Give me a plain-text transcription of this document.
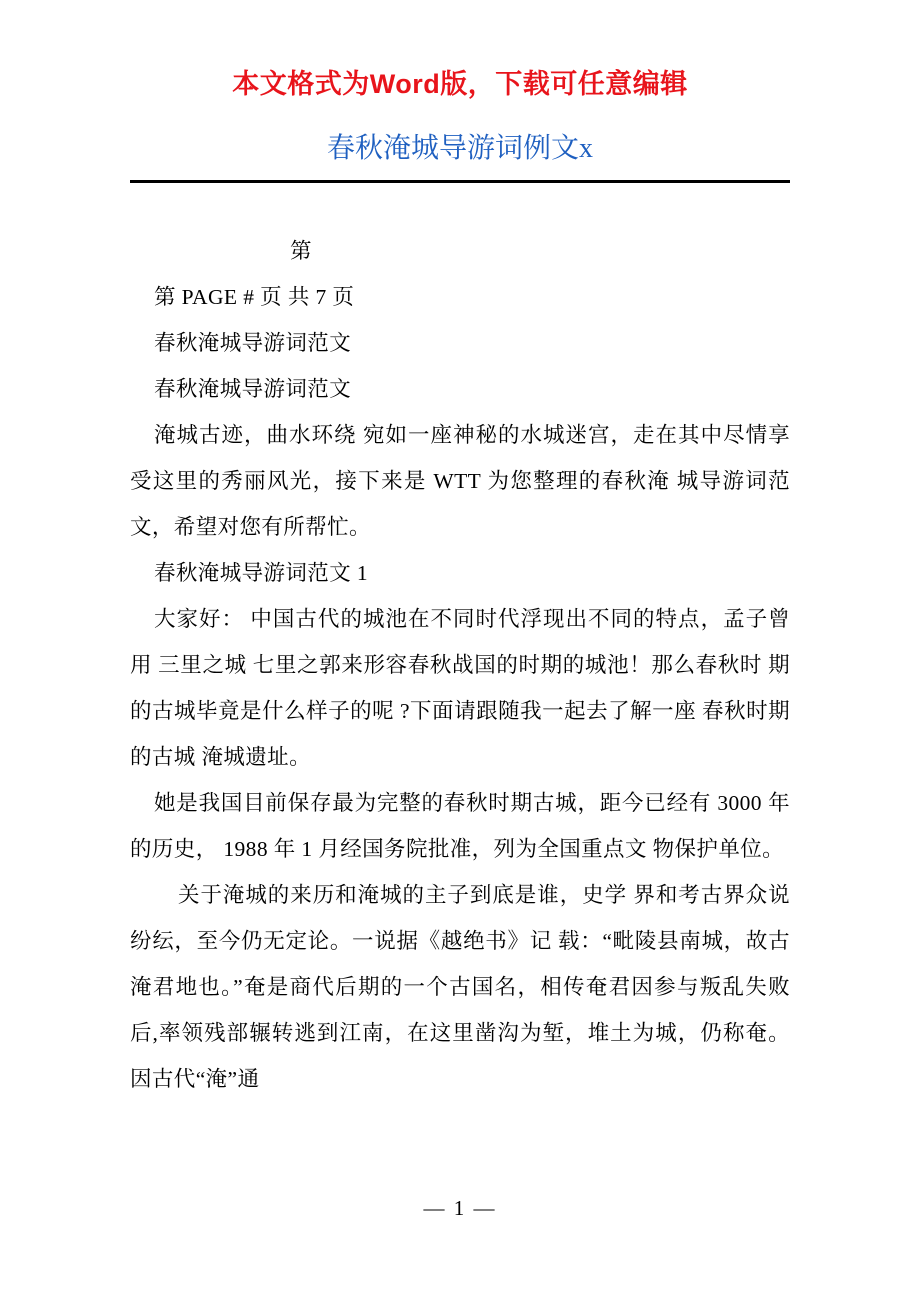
本文格式为Word版，下载可任意编辑
春秋淹城导游词例文x

第

第 PAGE # 页 共 7 页

春秋淹城导游词范文

春秋淹城导游词范文

淹城古迹，曲水环绕 宛如一座神秘的水城迷宫，走在其中尽情享受这里的秀丽风光，接下来是 WTT 为您整理的春秋淹 城导游词范文，希望对您有所帮忙。

春秋淹城导游词范文 1

大家好： 中国古代的城池在不同时代浮现出不同的特点，孟子曾用 三里之城 七里之郭来形容春秋战国的时期的城池！那么春秋时 期的古城毕竟是什么样子的呢 ?下面请跟随我一起去了解一座 春秋时期的古城 淹城遗址。

她是我国目前保存最为完整的春秋时期古城，距今已经有 3000 年的历史， 1988 年 1 月经国务院批准，列为全国重点文 物保护单位。

关于淹城的来历和淹城的主子到底是谁，史学 界和考古界众说纷纭，至今仍无定论。一说据《越绝书》记 载：“毗陵县南城，故古淹君地也。”奄是商代后期的一个古国名，相传奄君因参与叛乱失败后,率领残部辗转逃到江南，在这里凿沟为堑，堆土为城，仍称奄。因古代“淹”通

— 1 —
